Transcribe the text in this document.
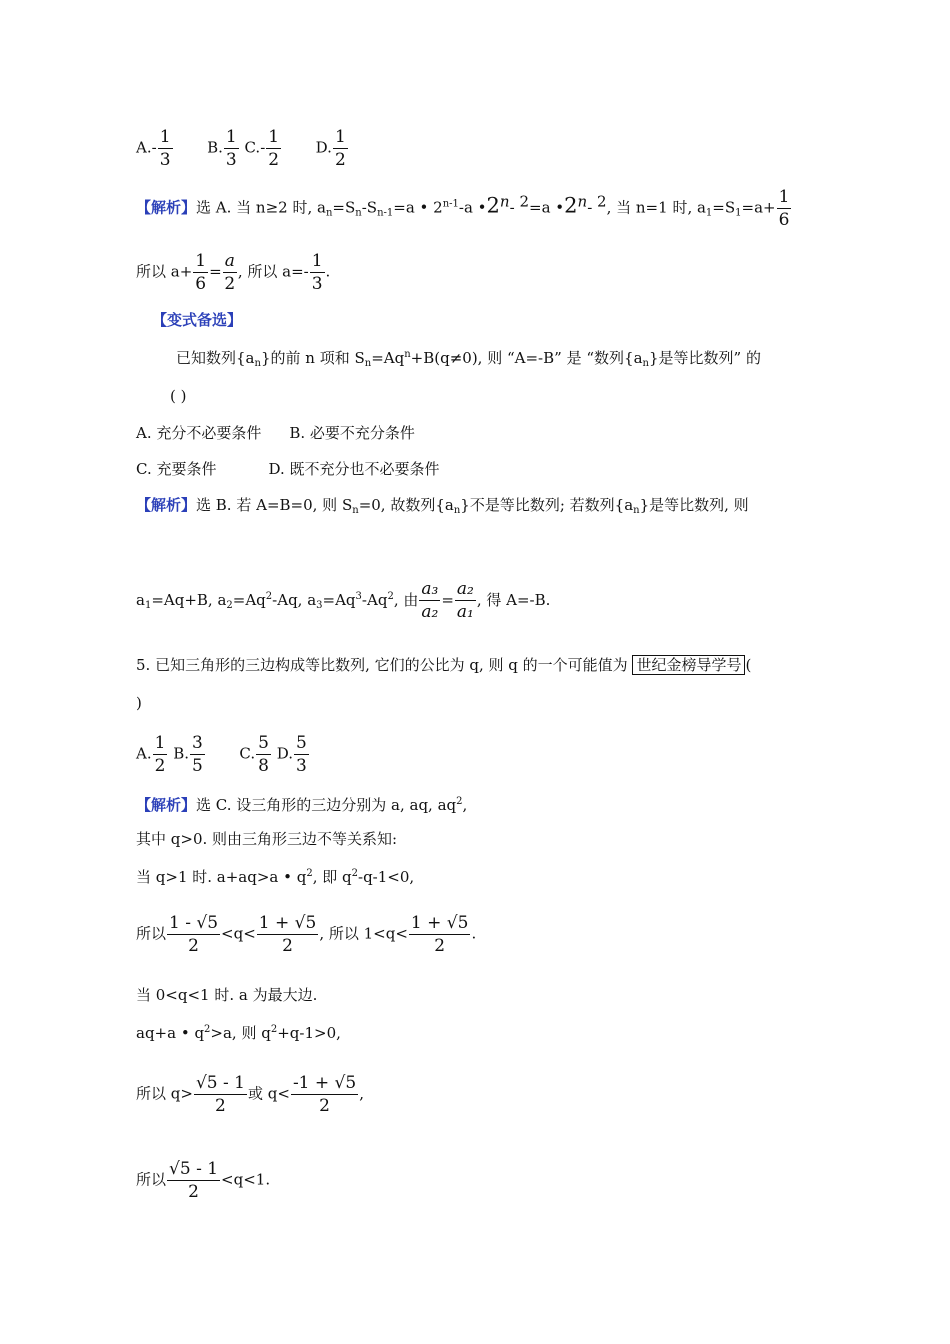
$A.- \frac{1}{3} B$. $\frac{1}{3} C.- \frac{1}{2} D$. $\frac{1}{2}$
【解析】选 A. 当 n≥2 时, $a_n=S_n-S_{n-1}=a$ • 2$^{n-1}$-a •2n- 2=a •2n- 2, 当 n=1 时, $a_1=S_1=a+ \frac{1}{6}$
所以 $a+ \frac{1}{6} = \frac{a}{2}$ , 所以 $a=- \frac{1}{3}$ .
【变式备选】
已知数列$\{a_n\}$的前 n 项和 $S_n=Aq^n+B(q\ne 0)$, 则 “A=-B” 是 “数列$\{a_n\}$是等比数列” 的
( )
A. 充分不必要条件 B. 必要不充分条件
C. 充要条件	D. 既不充分也不必要条件
【解析】选 B. 若 A=B=0, 则 $S_n=0$, 故数列$\{a_n\}$不是等比数列; 若数列$\{a_n\}$是等比数列, 则
$a_1=Aq+B$, $a_2=Aq^2-Aq$, $a_3=Aq^3-Aq^2$, 由 $\frac{\text{a₃}}{\text{a₂}} = \frac{\text{a₂}}{\text{a₁}}$ , 得 A=-B.
5. 已知三角形的三边构成等比数列, 它们的公比为 q, 则 q 的一个可能值为 世纪金榜导学号 (
)
A. $\frac{1}{2} B$. $\frac{3}{5} C$. $\frac{5}{8} D$. $\frac{5}{3}$
【解析】选 C. 设三角形的三边分别为 a, aq, $aq^2$,
其中 q>0. 则由三角形三边不等关系知:
当 q>1 时. a+aq>a • $q^2$, 即 $q^2-q-1<0$,
所以 $\frac{1 - √5}{2} <q< \frac{1 + √5}{2}$ , 所以 $1<q< \frac{1 + √5}{2}$ .
当 0<q<1 时. a 为最大边.
aq+a • $q^2>a$, 则 $q^2+q-1>0$,
所以 $q> \frac{√5 - 1}{2}$ 或 $q< \frac{-1 + √5}{2}$ ,
所以 $\frac{√5 - 1}{2} <q<1$.
